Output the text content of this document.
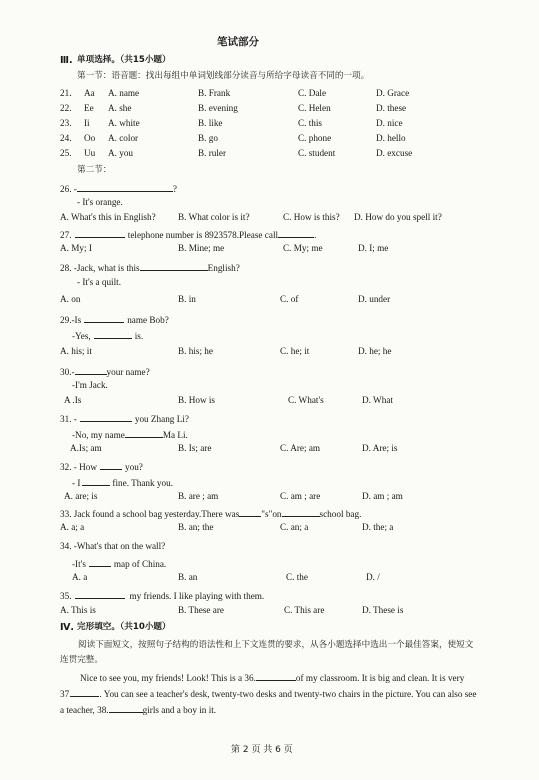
笔试部分
Ⅲ. 单项选择。（共15小题）
第一节：语音题：找出每组中单词划线部分读音与所给字母读音不同的一项。
21. Aa A. name	B. Frank	C. Dale	D. Grace
22. Ee A. she	B. evening	C. Helen	D. these
23. Ii A. white	B. like	C. this	D. nice
24. Oo A. color	B. go	C. phone	D. hello
25. Uu A. you	B. ruler	C. student	D. excuse
第二节：
26. -	?
- It's orange.
A. What's this in English? B. What color is it?	C. How is this? D. How do you spell it?
27.	telephone number is 8923578.Please call	.
A. My; I	B. Mine; me	C. My; me	D. I; me
28. -Jack, what is this	English?
- It's a quilt.
A. on	B. in	C. of	D. under
29.-Is	name Bob?
-Yes,	is.
A. his; it	B. his; he	C. he; it	D. he; he
30.-	your name?
-I'm Jack.
A .Is	B. How is	C. What's	D. What
31. -	you Zhang Li?
-No, my name	Ma Li.
A.Is; am	B. Is; are	C. Are; am	D. Are; is
32. - How	you?
- I	fine. Thank you.
A. are; is	B. are ; am	C. am ; are	D. am ; am
33. Jack found a school bag yesterday.There was "s"on	school bag.
A. a; a	B. an; the	C. an; a	D. the; a
34. -What's that on the wall?
-It's	map of China.
A. a	B. an	C. the	D. /
35.	my friends. I like playing with them.
A. This is	B. These are	C. This are	D. These is
Ⅳ. 完形填空。（共10小题）
阅读下面短文，按照句子结构的语法性和上下文连贯的要求，从各小题选择中选出一个最佳答案，使短文连贯完整。
Nice to see you, my friends! Look! This is a 36.	of my classroom. It is big and clean. It is very 37.	. You can see a teacher's desk, twenty-two desks and twenty-two chairs in the picture. You can also see a teacher, 38.	girls and a boy in it.
第 2 页 共 6 页
